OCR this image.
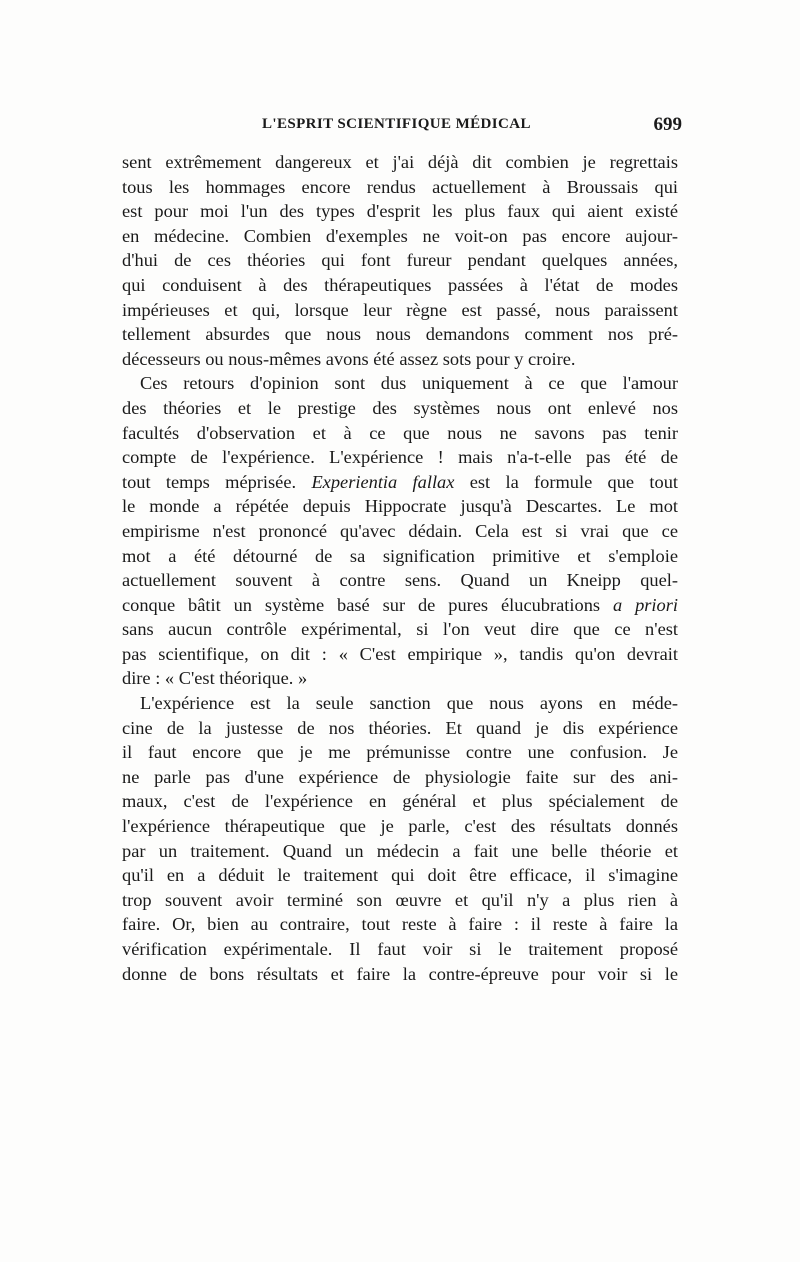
L'ESPRIT SCIENTIFIQUE MÉDICAL	699
sent extrêmement dangereux et j'ai déjà dit combien je regrettais
tous les hommages encore rendus actuellement à Broussais qui
est pour moi l'un des types d'esprit les plus faux qui aient existé
en médecine. Combien d'exemples ne voit-on pas encore aujour-
d'hui de ces théories qui font fureur pendant quelques années,
qui conduisent à des thérapeutiques passées à l'état de modes
impérieuses et qui, lorsque leur règne est passé, nous paraissent
tellement absurdes que nous nous demandons comment nos pré-
décesseurs ou nous-mêmes avons été assez sots pour y croire.
Ces retours d'opinion sont dus uniquement à ce que l'amour
des théories et le prestige des systèmes nous ont enlevé nos
facultés d'observation et à ce que nous ne savons pas tenir
compte de l'expérience. L'expérience ! mais n'a-t-elle pas été de
tout temps méprisée. Experientia fallax est la formule que tout
le monde a répétée depuis Hippocrate jusqu'à Descartes. Le mot
empirisme n'est prononcé qu'avec dédain. Cela est si vrai que ce
mot a été détourné de sa signification primitive et s'emploie
actuellement souvent à contre sens. Quand un Kneipp quel-
conque bâtit un système basé sur de pures élucubrations a priori
sans aucun contrôle expérimental, si l'on veut dire que ce n'est
pas scientifique, on dit : « C'est empirique », tandis qu'on devrait
dire : « C'est théorique. »
L'expérience est la seule sanction que nous ayons en méde-
cine de la justesse de nos théories. Et quand je dis expérience
il faut encore que je me prémunisse contre une confusion. Je
ne parle pas d'une expérience de physiologie faite sur des ani-
maux, c'est de l'expérience en général et plus spécialement de
l'expérience thérapeutique que je parle, c'est des résultats donnés
par un traitement. Quand un médecin a fait une belle théorie et
qu'il en a déduit le traitement qui doit être efficace, il s'imagine
trop souvent avoir terminé son œuvre et qu'il n'y a plus rien à
faire. Or, bien au contraire, tout reste à faire : il reste à faire la
vérification expérimentale. Il faut voir si le traitement proposé
donne de bons résultats et faire la contre-épreuve pour voir si le
